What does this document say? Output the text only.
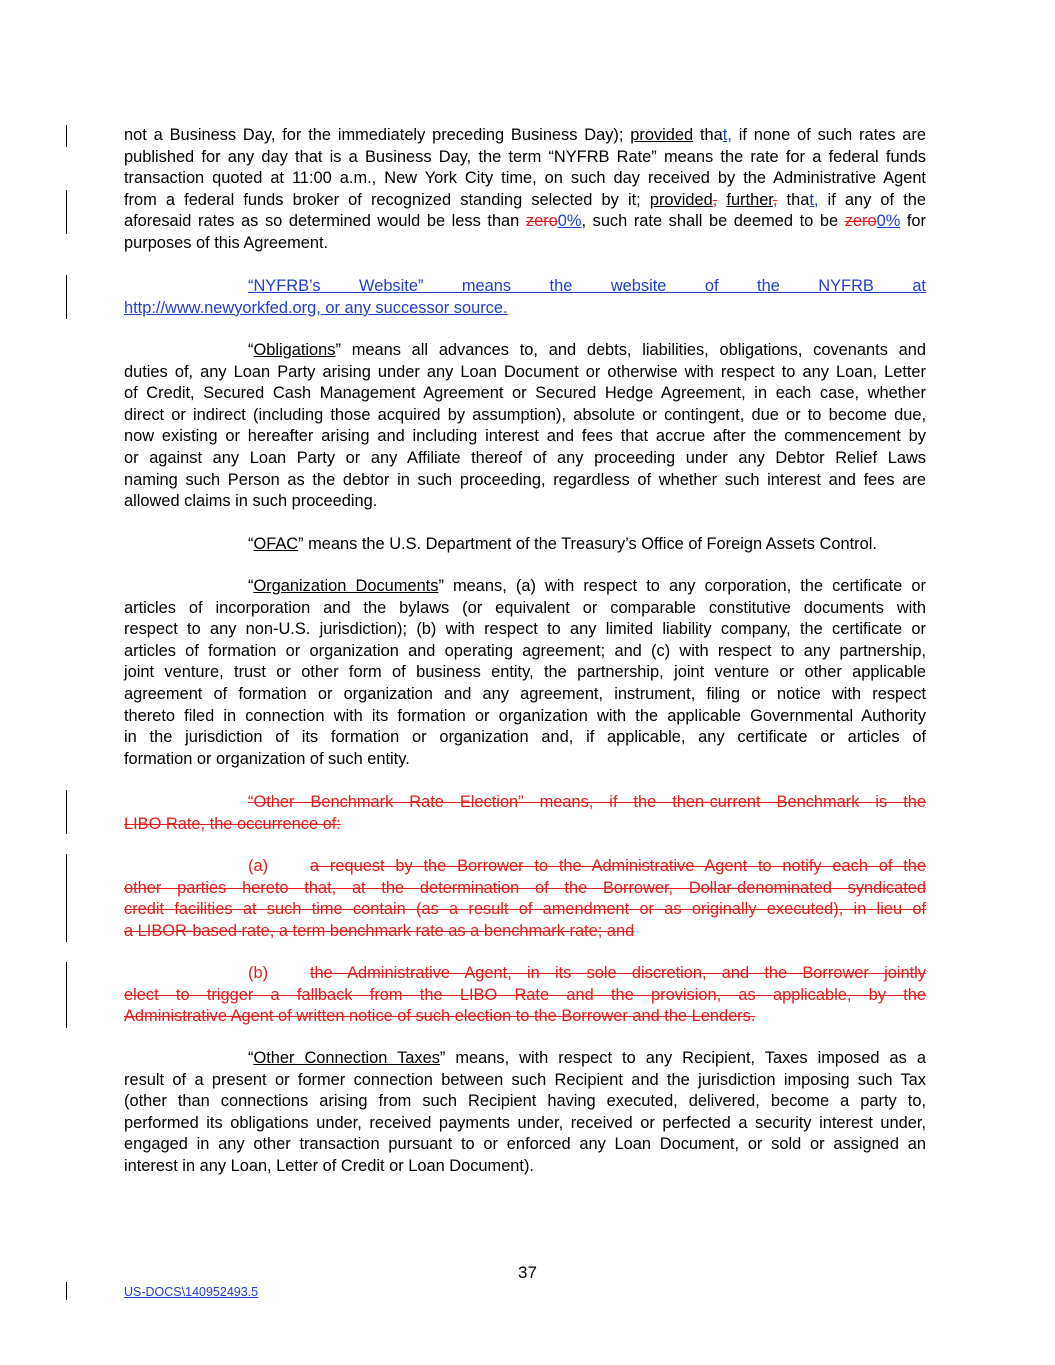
not a Business Day, for the immediately preceding Business Day); provided that, if none of such rates are
published for any day that is a Business Day, the term “NYFRB Rate” means the rate for a federal funds
transaction quoted at 11:00 a.m., New York City time, on such day received by the Administrative Agent
from a federal funds broker of recognized standing selected by it; provided, further, that, if any of the
aforesaid rates as so determined would be less than zero0%, such rate shall be deemed to be zero0% for
purposes of this Agreement.
“NYFRB’s Website” means the website of the NYFRB at
http://www.newyorkfed.org, or any successor source.
“Obligations” means all advances to, and debts, liabilities, obligations, covenants and
duties of, any Loan Party arising under any Loan Document or otherwise with respect to any Loan, Letter
of Credit, Secured Cash Management Agreement or Secured Hedge Agreement, in each case, whether
direct or indirect (including those acquired by assumption), absolute or contingent, due or to become due,
now existing or hereafter arising and including interest and fees that accrue after the commencement by
or against any Loan Party or any Affiliate thereof of any proceeding under any Debtor Relief Laws
naming such Person as the debtor in such proceeding, regardless of whether such interest and fees are
allowed claims in such proceeding.
“OFAC” means the U.S. Department of the Treasury’s Office of Foreign Assets Control.
“Organization Documents” means, (a) with respect to any corporation, the certificate or
articles of incorporation and the bylaws (or equivalent or comparable constitutive documents with
respect to any non-U.S. jurisdiction); (b) with respect to any limited liability company, the certificate or
articles of formation or organization and operating agreement; and (c) with respect to any partnership,
joint venture, trust or other form of business entity, the partnership, joint venture or other applicable
agreement of formation or organization and any agreement, instrument, filing or notice with respect
thereto filed in connection with its formation or organization with the applicable Governmental Authority
in the jurisdiction of its formation or organization and, if applicable, any certificate or articles of
formation or organization of such entity.
“Other Benchmark Rate Election” means, if the then-current Benchmark is the
LIBO Rate, the occurrence of:
(a)	a request by the Borrower to the Administrative Agent to notify each of the
other parties hereto that, at the determination of the Borrower, Dollar-denominated syndicated
credit facilities at such time contain (as a result of amendment or as originally executed), in lieu of
a LIBOR-based rate, a term benchmark rate as a benchmark rate; and
(b)	the Administrative Agent, in its sole discretion, and the Borrower jointly
elect to trigger a fallback from the LIBO Rate and the provision, as applicable, by the
Administrative Agent of written notice of such election to the Borrower and the Lenders.
“Other Connection Taxes” means, with respect to any Recipient, Taxes imposed as a
result of a present or former connection between such Recipient and the jurisdiction imposing such Tax
(other than connections arising from such Recipient having executed, delivered, become a party to,
performed its obligations under, received payments under, received or perfected a security interest under,
engaged in any other transaction pursuant to or enforced any Loan Document, or sold or assigned an
interest in any Loan, Letter of Credit or Loan Document).
37
US-DOCS\140952493.5
